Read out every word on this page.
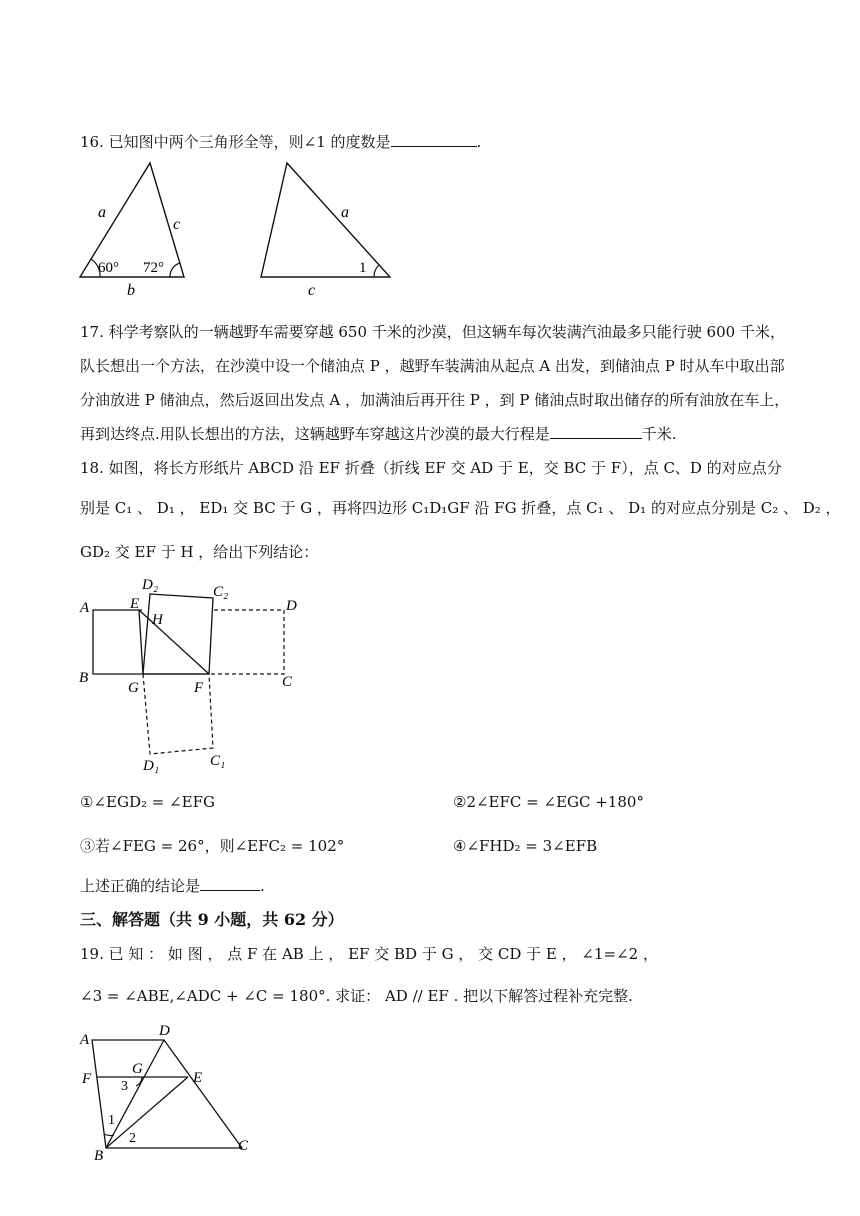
16. 已知图中两个三角形全等，则∠1 的度数是	.
a
c
b
60° 72°
a
c
1
17. 科学考察队的一辆越野车需要穿越 650 千米的沙漠，但这辆车每次装满汽油最多只能行驶 600 千米，
队长想出一个方法，在沙漠中设一个储油点 P ，越野车装满油从起点 A 出发，到储油点 P 时从车中取出部
分油放进 P 储油点，然后返回出发点 A ，加满油后再开往 P ，到 P 储油点时取出储存的所有油放在车上，
再到达终点.用队长想出的方法，这辆越野车穿越这片沙漠的最大行程是	千米.
18. 如图，将长方形纸片 ABCD 沿 EF 折叠（折线 EF 交 AD 于 E，交 BC 于 F），点 C、D 的对应点分
别是 C₁ 、 D₁ ， ED₁ 交 BC 于 G ，再将四边形 C₁D₁GF 沿 FG 折叠，点 C₁ 、 D₁ 的对应点分别是 C₂ 、 D₂ ，
GD₂ 交 EF 于 H ，给出下列结论：
A
B
E
H
D₂	C₂
D
G	F	C
D₁	C₁
①∠EGD₂ = ∠EFG	②2∠EFC = ∠EGC +180°
③若∠FEG = 26°，则∠EFC₂ = 102°	④∠FHD₂ = 3∠EFB
上述正确的结论是	.
三、解答题（共 9 小题，共 62 分）
19. 已 知 ： 如 图 ， 点 F 在 AB 上 ， EF 交 BD 于 G ， 交 CD 于 E ， ∠1=∠2 ，
∠3 = ∠ABE,∠ADC + ∠C = 180°. 求证： AD // EF . 把以下解答过程补充完整.
A
D
F
G
E
B
C
1
2
3
